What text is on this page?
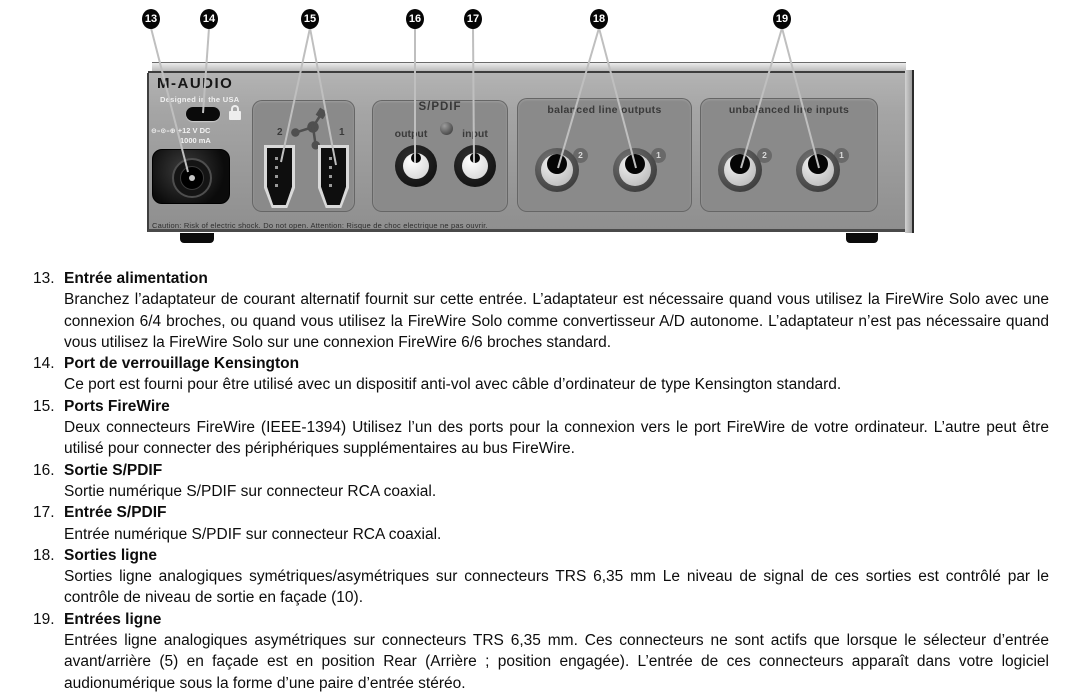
M-AUDIO
Designed in the USA
⊖–⊙–⊕ +12 V DC
1000 mA
2	1
S/PDIF
output	input
balanced line outputs	unbalanced line inputs
2	1	2	1
Caution: Risk of electric shock. Do not open. Attention: Risque de choc electrique ne pas ouvrir.
13	14	15	16	17	18	19
13. Entrée alimentation
Branchez l’adaptateur de courant alternatif fournit sur cette entrée. L’adaptateur est nécessaire quand vous utilisez la FireWire Solo avec une connexion 6/4 broches, ou quand vous utilisez la FireWire Solo comme convertisseur A/D autonome. L’adaptateur n’est pas nécessaire quand vous utilisez la FireWire Solo sur une connexion FireWire 6/6 broches standard.
14. Port de verrouillage Kensington
Ce port est fourni pour être utilisé avec un dispositif anti-vol avec câble d’ordinateur de type Kensington standard.
15. Ports FireWire
Deux connecteurs FireWire (IEEE-1394) Utilisez l’un des ports pour la connexion vers le port FireWire de votre ordinateur. L’autre peut être utilisé pour connecter des périphériques supplémentaires au bus FireWire.
16. Sortie S/PDIF
Sortie numérique S/PDIF sur connecteur RCA coaxial.
17. Entrée S/PDIF
Entrée numérique S/PDIF sur connecteur RCA coaxial.
18. Sorties ligne
Sorties ligne analogiques symétriques/asymétriques sur connecteurs TRS 6,35 mm Le niveau de signal de ces sorties est contrôlé par le contrôle de niveau de sortie en façade (10).
19. Entrées ligne
Entrées ligne analogiques asymétriques sur connecteurs TRS 6,35 mm. Ces connecteurs ne sont actifs que lorsque le sélecteur d’entrée avant/arrière (5) en façade est en position Rear (Arrière ; position engagée). L’entrée de ces connecteurs apparaît dans votre logiciel audionumérique sous la forme d’une paire d’entrée stéréo.
